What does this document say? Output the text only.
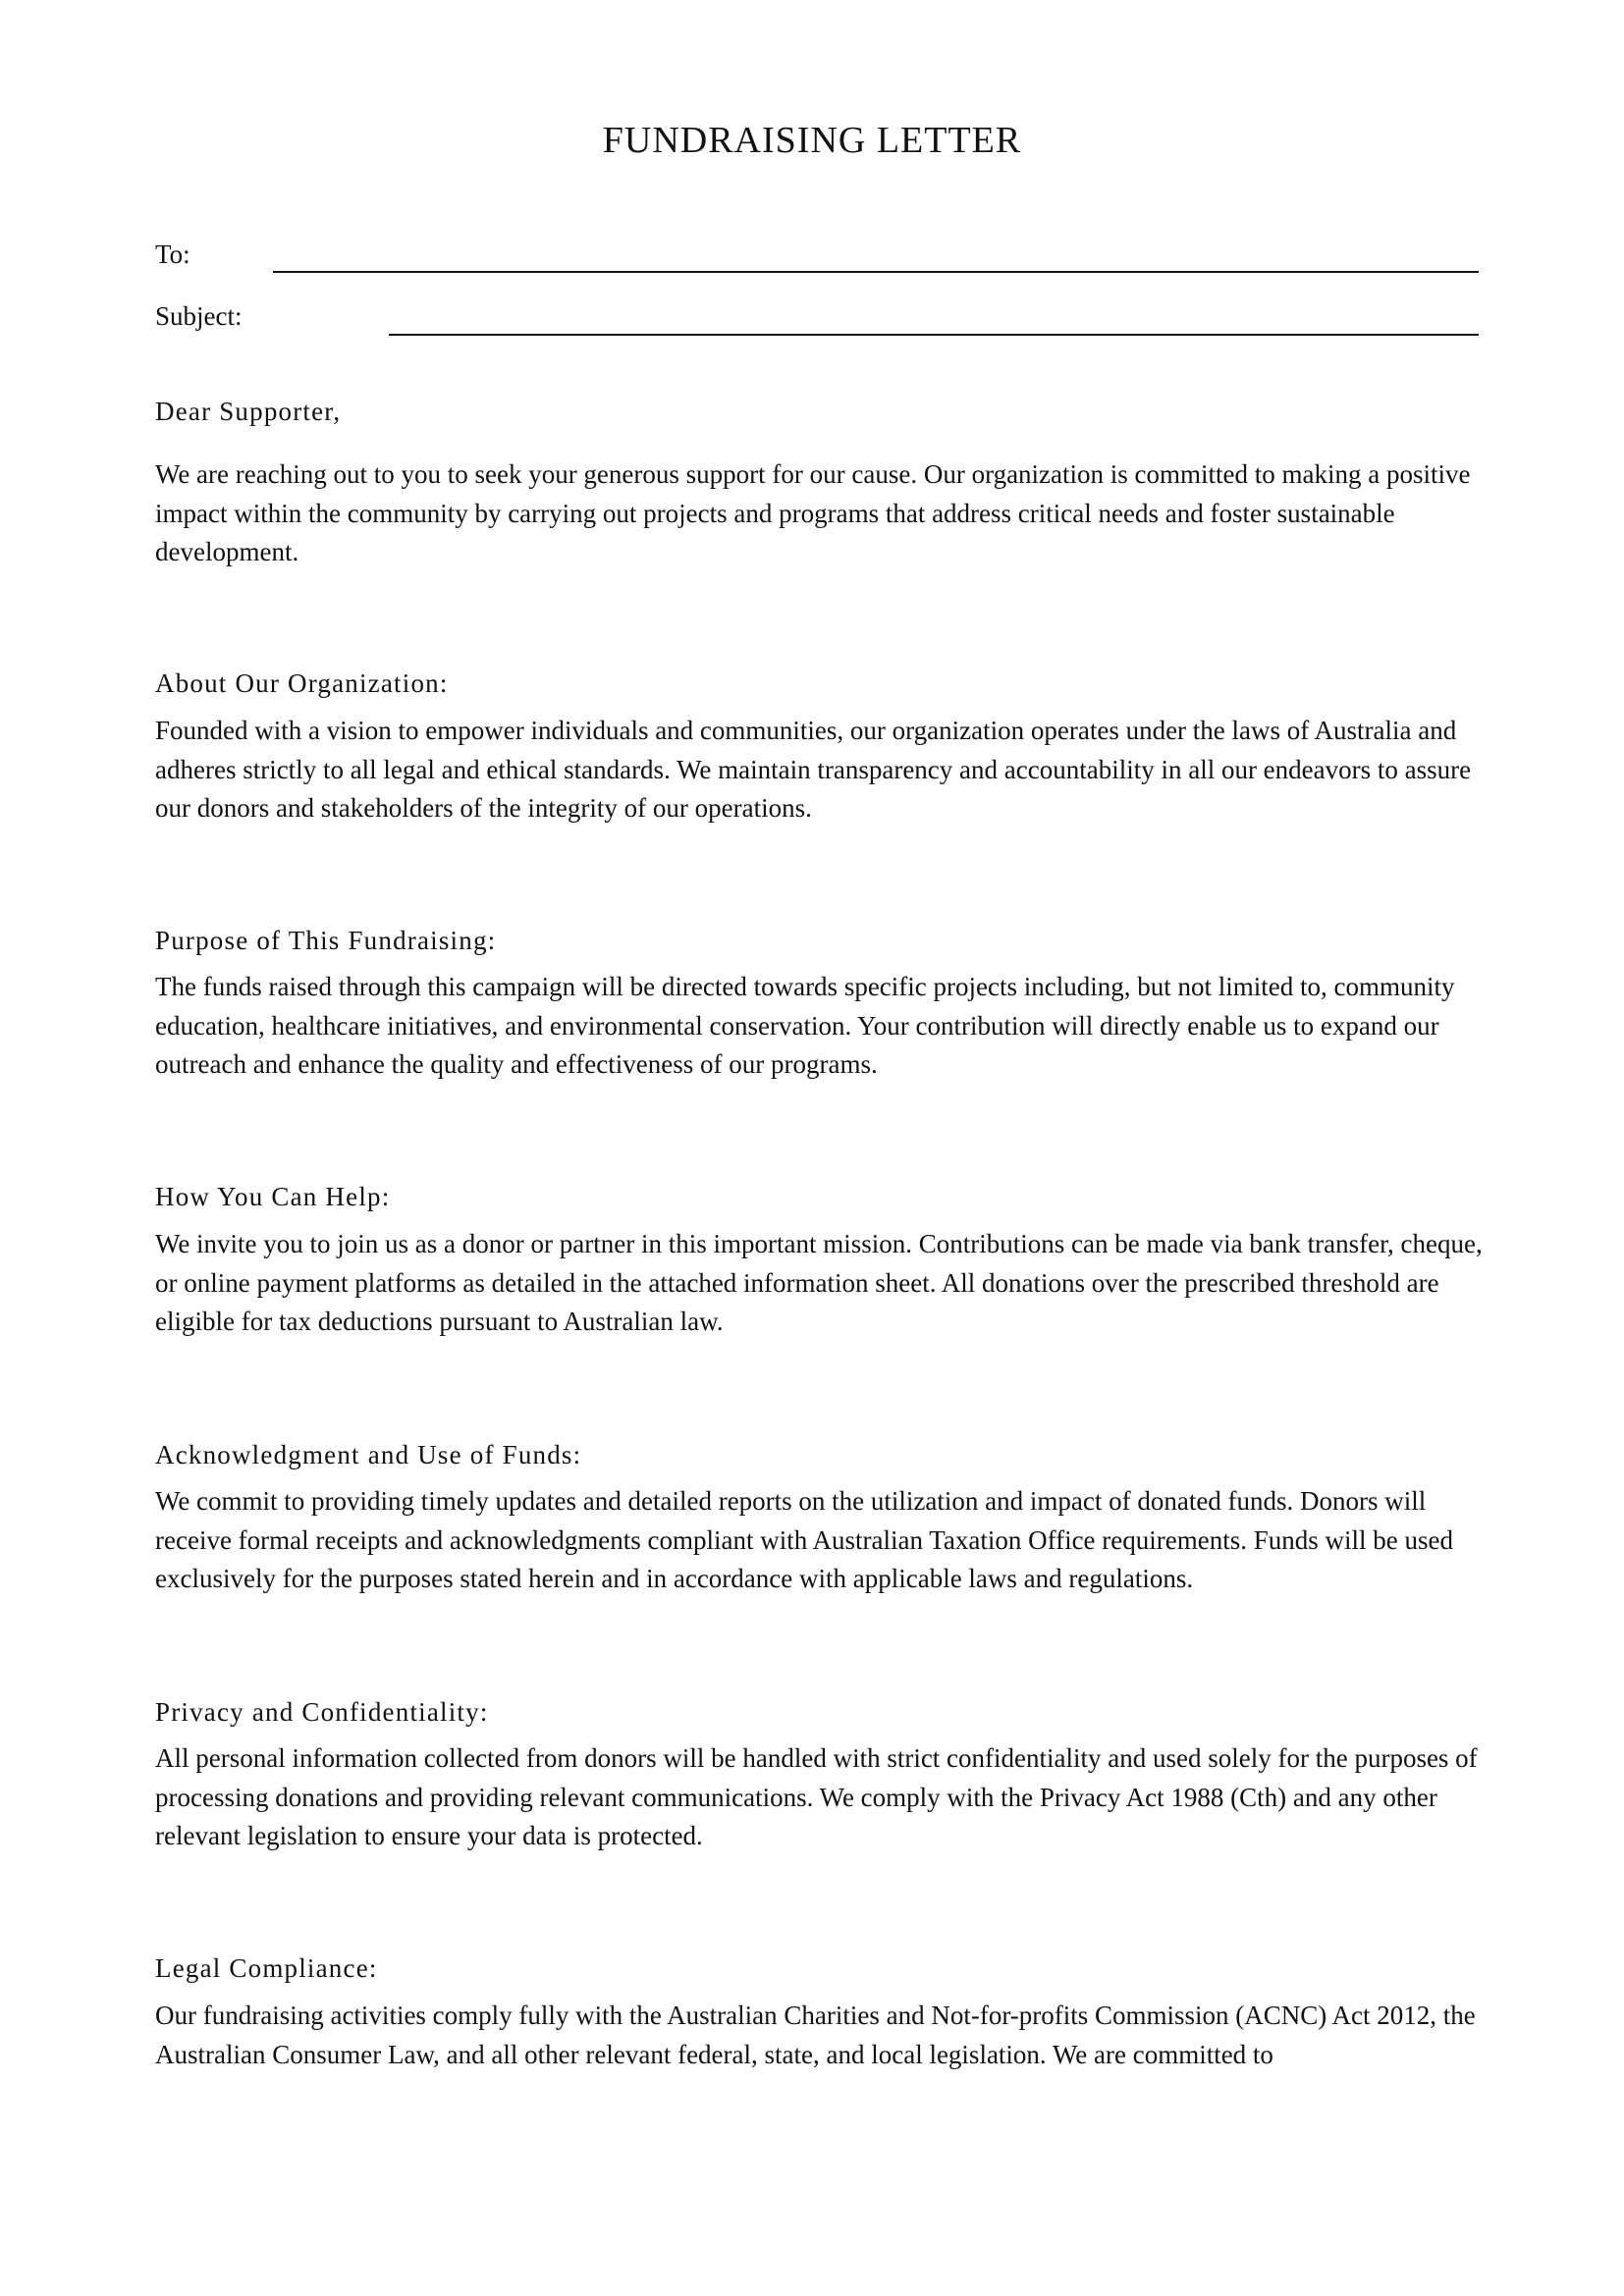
FUNDRAISING LETTER
To:
Subject:
Dear Supporter,
We are reaching out to you to seek your generous support for our cause. Our organization is committed to making a positive impact within the community by carrying out projects and programs that address critical needs and foster sustainable development.
About Our Organization:
Founded with a vision to empower individuals and communities, our organization operates under the laws of Australia and adheres strictly to all legal and ethical standards. We maintain transparency and accountability in all our endeavors to assure our donors and stakeholders of the integrity of our operations.
Purpose of This Fundraising:
The funds raised through this campaign will be directed towards specific projects including, but not limited to, community education, healthcare initiatives, and environmental conservation. Your contribution will directly enable us to expand our outreach and enhance the quality and effectiveness of our programs.
How You Can Help:
We invite you to join us as a donor or partner in this important mission. Contributions can be made via bank transfer, cheque, or online payment platforms as detailed in the attached information sheet. All donations over the prescribed threshold are eligible for tax deductions pursuant to Australian law.
Acknowledgment and Use of Funds:
We commit to providing timely updates and detailed reports on the utilization and impact of donated funds. Donors will receive formal receipts and acknowledgments compliant with Australian Taxation Office requirements. Funds will be used exclusively for the purposes stated herein and in accordance with applicable laws and regulations.
Privacy and Confidentiality:
All personal information collected from donors will be handled with strict confidentiality and used solely for the purposes of processing donations and providing relevant communications. We comply with the Privacy Act 1988 (Cth) and any other relevant legislation to ensure your data is protected.
Legal Compliance:
Our fundraising activities comply fully with the Australian Charities and Not-for-profits Commission (ACNC) Act 2012, the Australian Consumer Law, and all other relevant federal, state, and local legislation. We are committed to
